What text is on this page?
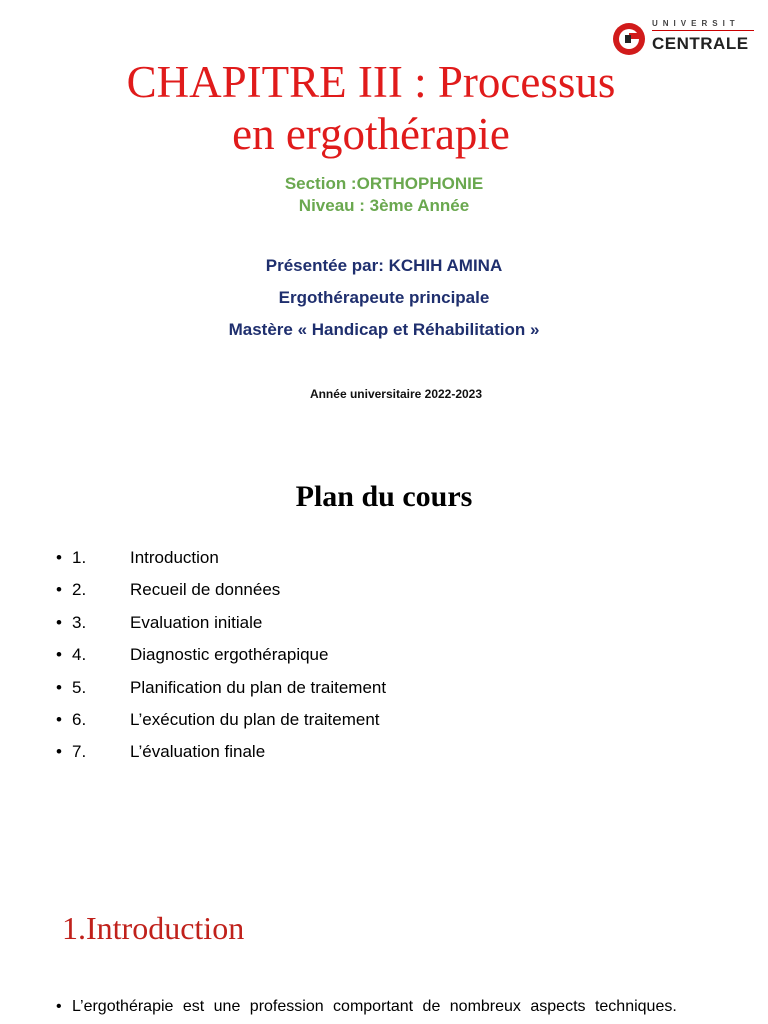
UNIVERSIT
CENTRALE
CHAPITRE III : Processus
en ergothérapie
Section :ORTHOPHONIE
Niveau : 3ème Année
Présentée par: KCHIH AMINA
Ergothérapeute principale
Mastère « Handicap et Réhabilitation »
Année universitaire 2022-2023
Plan du cours
• 1.	Introduction
• 2.	Recueil de données
• 3.	Evaluation initiale
• 4.	Diagnostic ergothérapique
• 5.	Planification du plan de traitement
• 6.	L’exécution du plan de traitement
• 7.	L’évaluation finale
1.Introduction
• L’ergothérapie est une profession comportant de nombreux aspects techniques.
